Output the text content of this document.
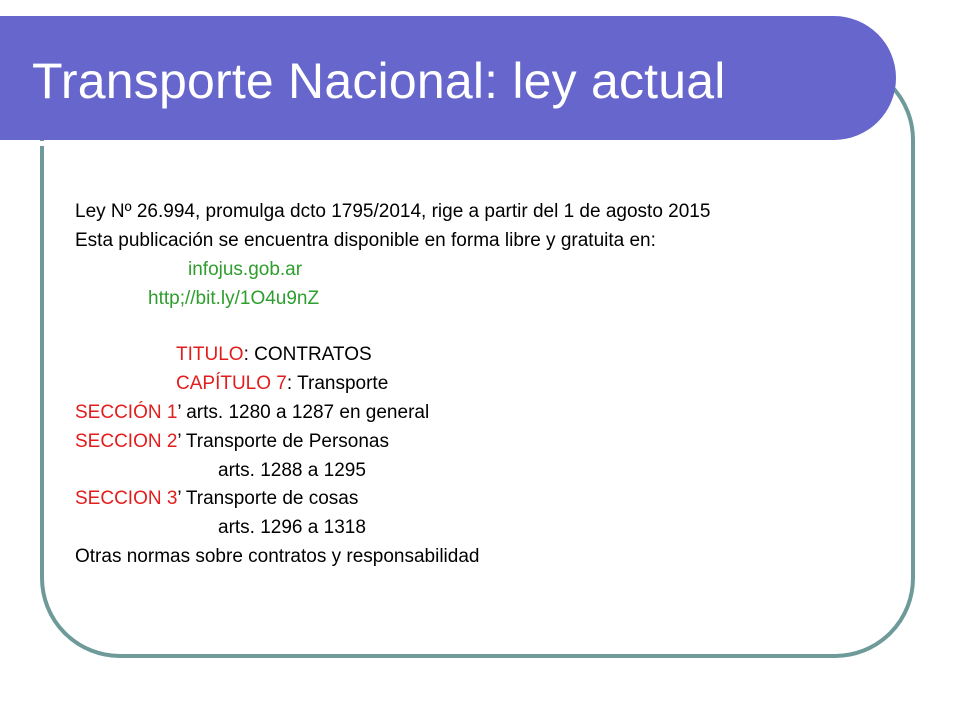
Transporte Nacional: ley actual
Ley Nº 26.994, promulga dcto 1795/2014, rige a partir del 1 de agosto 2015
Esta publicación se encuentra disponible en forma libre y gratuita en:
infojus.gob.ar
http;//bit.ly/1O4u9nZ
TITULO: CONTRATOS
CAPÍTULO 7: Transporte
SECCIÓN 1’ arts. 1280 a 1287 en general
SECCION 2’ Transporte de Personas
arts. 1288 a 1295
SECCION 3’ Transporte de cosas
arts. 1296 a 1318
Otras normas sobre contratos y responsabilidad
